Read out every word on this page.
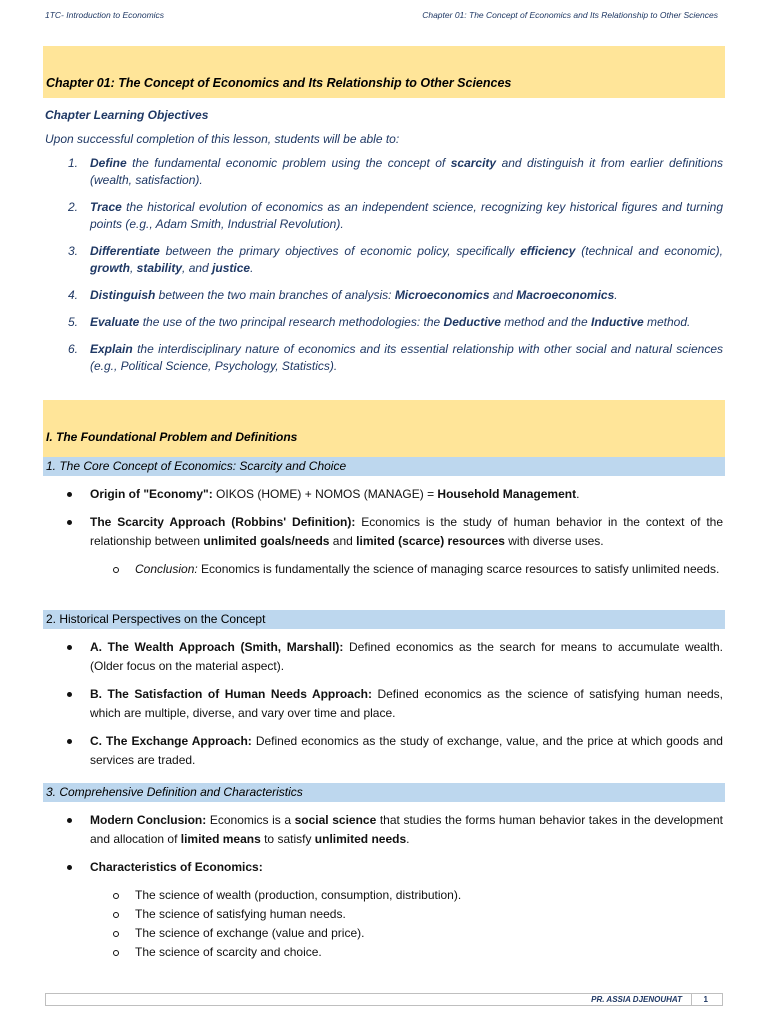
1TC- Introduction to Economics	Chapter 01: The Concept of Economics and Its Relationship to Other Sciences
Chapter 01: The Concept of Economics and Its Relationship to Other Sciences
Chapter Learning Objectives
Upon successful completion of this lesson, students will be able to:
1. Define the fundamental economic problem using the concept of scarcity and distinguish it from earlier definitions (wealth, satisfaction).
2. Trace the historical evolution of economics as an independent science, recognizing key historical figures and turning points (e.g., Adam Smith, Industrial Revolution).
3. Differentiate between the primary objectives of economic policy, specifically efficiency (technical and economic), growth, stability, and justice.
4. Distinguish between the two main branches of analysis: Microeconomics and Macroeconomics.
5. Evaluate the use of the two principal research methodologies: the Deductive method and the Inductive method.
6. Explain the interdisciplinary nature of economics and its essential relationship with other social and natural sciences (e.g., Political Science, Psychology, Statistics).
I. The Foundational Problem and Definitions
1. The Core Concept of Economics: Scarcity and Choice
Origin of "Economy": OIKOS (HOME) + NOMOS (MANAGE) = Household Management.
The Scarcity Approach (Robbins' Definition): Economics is the study of human behavior in the context of the relationship between unlimited goals/needs and limited (scarce) resources with diverse uses.
Conclusion: Economics is fundamentally the science of managing scarce resources to satisfy unlimited needs.
2. Historical Perspectives on the Concept
A. The Wealth Approach (Smith, Marshall): Defined economics as the search for means to accumulate wealth. (Older focus on the material aspect).
B. The Satisfaction of Human Needs Approach: Defined economics as the science of satisfying human needs, which are multiple, diverse, and vary over time and place.
C. The Exchange Approach: Defined economics as the study of exchange, value, and the price at which goods and services are traded.
3. Comprehensive Definition and Characteristics
Modern Conclusion: Economics is a social science that studies the forms human behavior takes in the development and allocation of limited means to satisfy unlimited needs.
Characteristics of Economics:
The science of wealth (production, consumption, distribution).
The science of satisfying human needs.
The science of exchange (value and price).
The science of scarcity and choice.
PR. ASSIA DJENOUHAT	1
